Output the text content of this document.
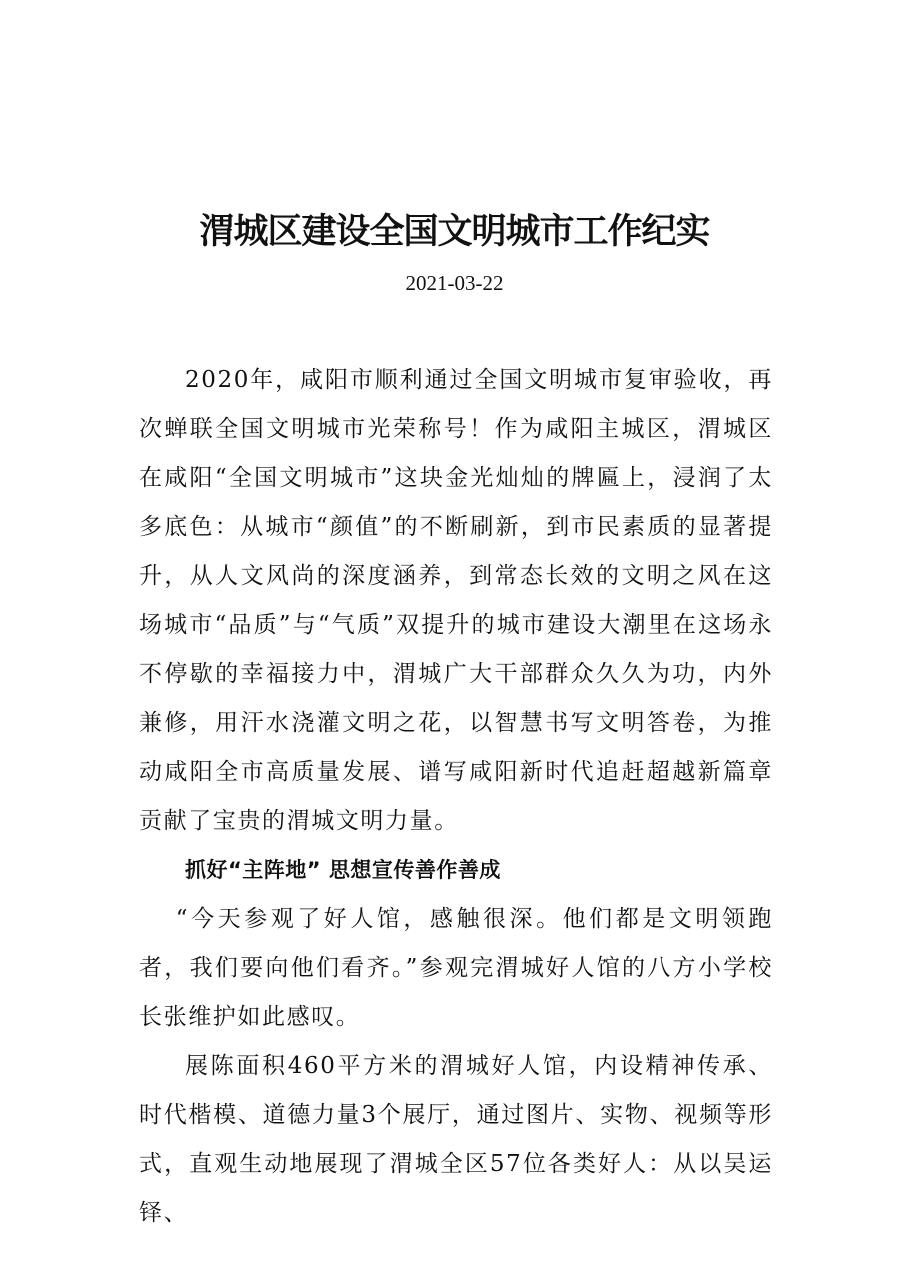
渭城区建设全国文明城市工作纪实
2021-03-22

2020年，咸阳市顺利通过全国文明城市复审验收，再次蝉联全国文明城市光荣称号！作为咸阳主城区，渭城区在咸阳“全国文明城市”这块金光灿灿的牌匾上，浸润了太多底色：从城市“颜值”的不断刷新，到市民素质的显著提升，从人文风尚的深度涵养，到常态长效的文明之风在这场城市“品质”与“气质”双提升的城市建设大潮里在这场永不停歇的幸福接力中，渭城广大干部群众久久为功，内外兼修，用汗水浇灌文明之花，以智慧书写文明答卷，为推动咸阳全市高质量发展、谱写咸阳新时代追赶超越新篇章贡献了宝贵的渭城文明力量。

抓好“主阵地” 思想宣传善作善成

“今天参观了好人馆，感触很深。他们都是文明领跑者，我们要向他们看齐。”参观完渭城好人馆的八方小学校长张维护如此感叹。

展陈面积460平方米的渭城好人馆，内设精神传承、时代楷模、道德力量3个展厅，通过图片、实物、视频等形式，直观生动地展现了渭城全区57位各类好人：从以吴运铎、
